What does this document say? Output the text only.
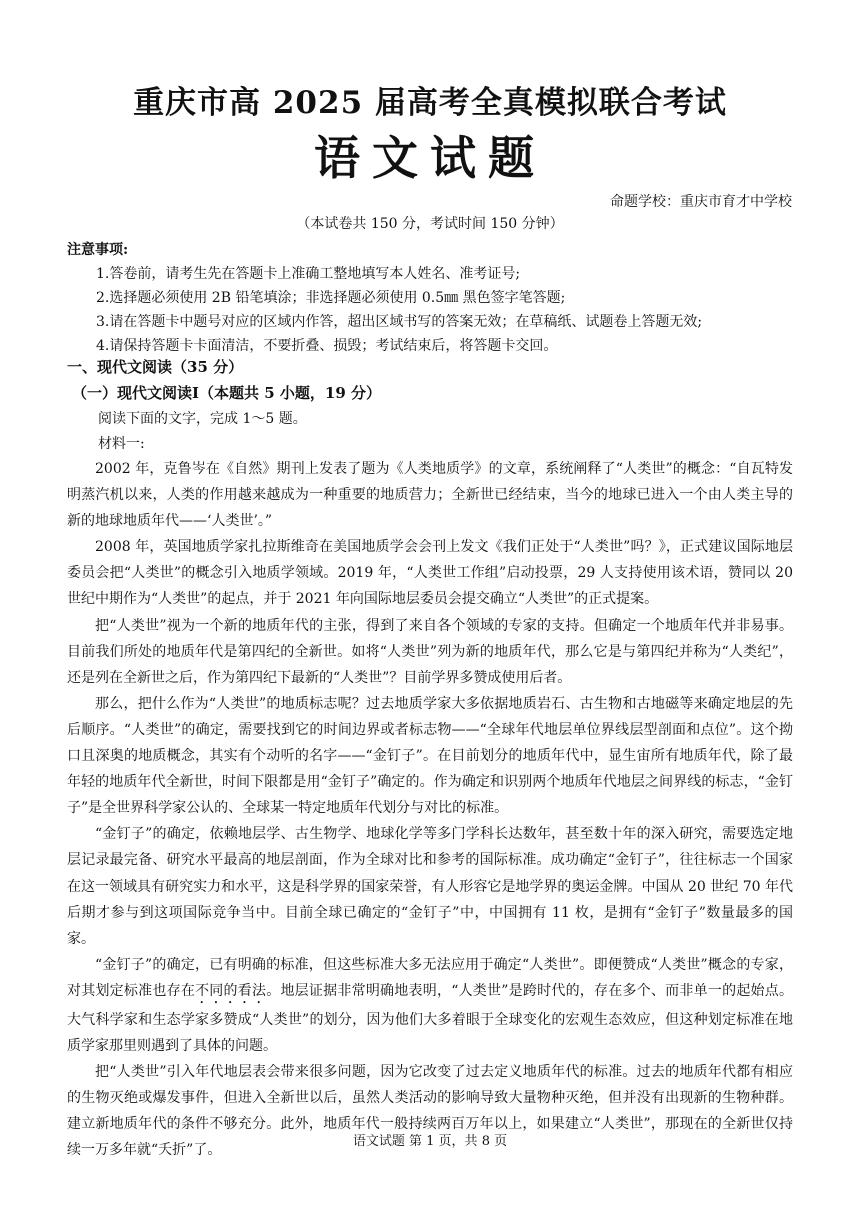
重庆市高 2025 届高考全真模拟联合考试
语文试题
命题学校：重庆市育才中学校
（本试卷共 150 分，考试时间 150 分钟）
注意事项:
1.答卷前，请考生先在答题卡上准确工整地填写本人姓名、准考证号;
2.选择题必须使用 2B 铅笔填涂；非选择题必须使用 0.5㎜ 黑色签字笔答题;
3.请在答题卡中题号对应的区域内作答，超出区域书写的答案无效；在草稿纸、试题卷上答题无效;
4.请保持答题卡卡面清洁，不要折叠、损毁；考试结束后，将答题卡交回。
一、现代文阅读（35 分）
（一）现代文阅读Ⅰ（本题共 5 小题，19 分）
阅读下面的文字，完成 1～5 题。
材料一:

2002 年，克鲁岑在《自然》期刊上发表了题为《人类地质学》的文章，系统阐释了“人类世”的概念：“自瓦特发明蒸汽机以来，人类的作用越来越成为一种重要的地质营力；全新世已经结束，当今的地球已进入一个由人类主导的新的地球地质年代——‘人类世’。”

2008 年，英国地质学家扎拉斯维奇在美国地质学会会刊上发文《我们正处于“人类世”吗？》，正式建议国际地层委员会把“人类世”的概念引入地质学领域。2019 年，“人类世工作组”启动投票，29 人支持使用该术语，赞同以 20 世纪中期作为“人类世”的起点，并于 2021 年向国际地层委员会提交确立“人类世”的正式提案。

把“人类世”视为一个新的地质年代的主张，得到了来自各个领域的专家的支持。但确定一个地质年代并非易事。目前我们所处的地质年代是第四纪的全新世。如将“人类世”列为新的地质年代，那么它是与第四纪并称为“人类纪”，还是列在全新世之后，作为第四纪下最新的“人类世”？目前学界多赞成使用后者。

那么，把什么作为“人类世”的地质标志呢？过去地质学家大多依据地质岩石、古生物和古地磁等来确定地层的先后顺序。“人类世”的确定，需要找到它的时间边界或者标志物——“全球年代地层单位界线层型剖面和点位”。这个拗口且深奥的地质概念，其实有个动听的名字——“金钉子”。在目前划分的地质年代中，显生宙所有地质年代，除了最年轻的地质年代全新世，时间下限都是用“金钉子”确定的。作为确定和识别两个地质年代地层之间界线的标志，“金钉子”是全世界科学家公认的、全球某一特定地质年代划分与对比的标准。

“金钉子”的确定，依赖地层学、古生物学、地球化学等多门学科长达数年，甚至数十年的深入研究，需要选定地层记录最完备、研究水平最高的地层剖面，作为全球对比和参考的国际标准。成功确定“金钉子”，往往标志一个国家在这一领域具有研究实力和水平，这是科学界的国家荣誉，有人形容它是地学界的奥运金牌。中国从 20 世纪 70 年代后期才参与到这项国际竞争当中。目前全球已确定的“金钉子”中，中国拥有 11 枚，是拥有“金钉子”数量最多的国家。

“金钉子”的确定，已有明确的标准，但这些标准大多无法应用于确定“人类世”。即便赞成“人类世”概念的专家，对其划定标准也存在不同的看法。地层证据非常明确地表明，“人类世”是跨时代的，存在多个、而非单一的起始点。大气科学家和生态学家多赞成“人类世”的划分，因为他们大多着眼于全球变化的宏观生态效应，但这种划定标准在地质学家那里则遇到了具体的问题。

把“人类世”引入年代地层表会带来很多问题，因为它改变了过去定义地质年代的标准。过去的地质年代都有相应的生物灭绝或爆发事件，但进入全新世以后，虽然人类活动的影响导致大量物种灭绝，但并没有出现新的生物种群。建立新地质年代的条件不够充分。此外，地质年代一般持续两百万年以上，如果建立“人类世”，那现在的全新世仅持续一万多年就“夭折”了。

语文试题 第 1 页，共 8 页
